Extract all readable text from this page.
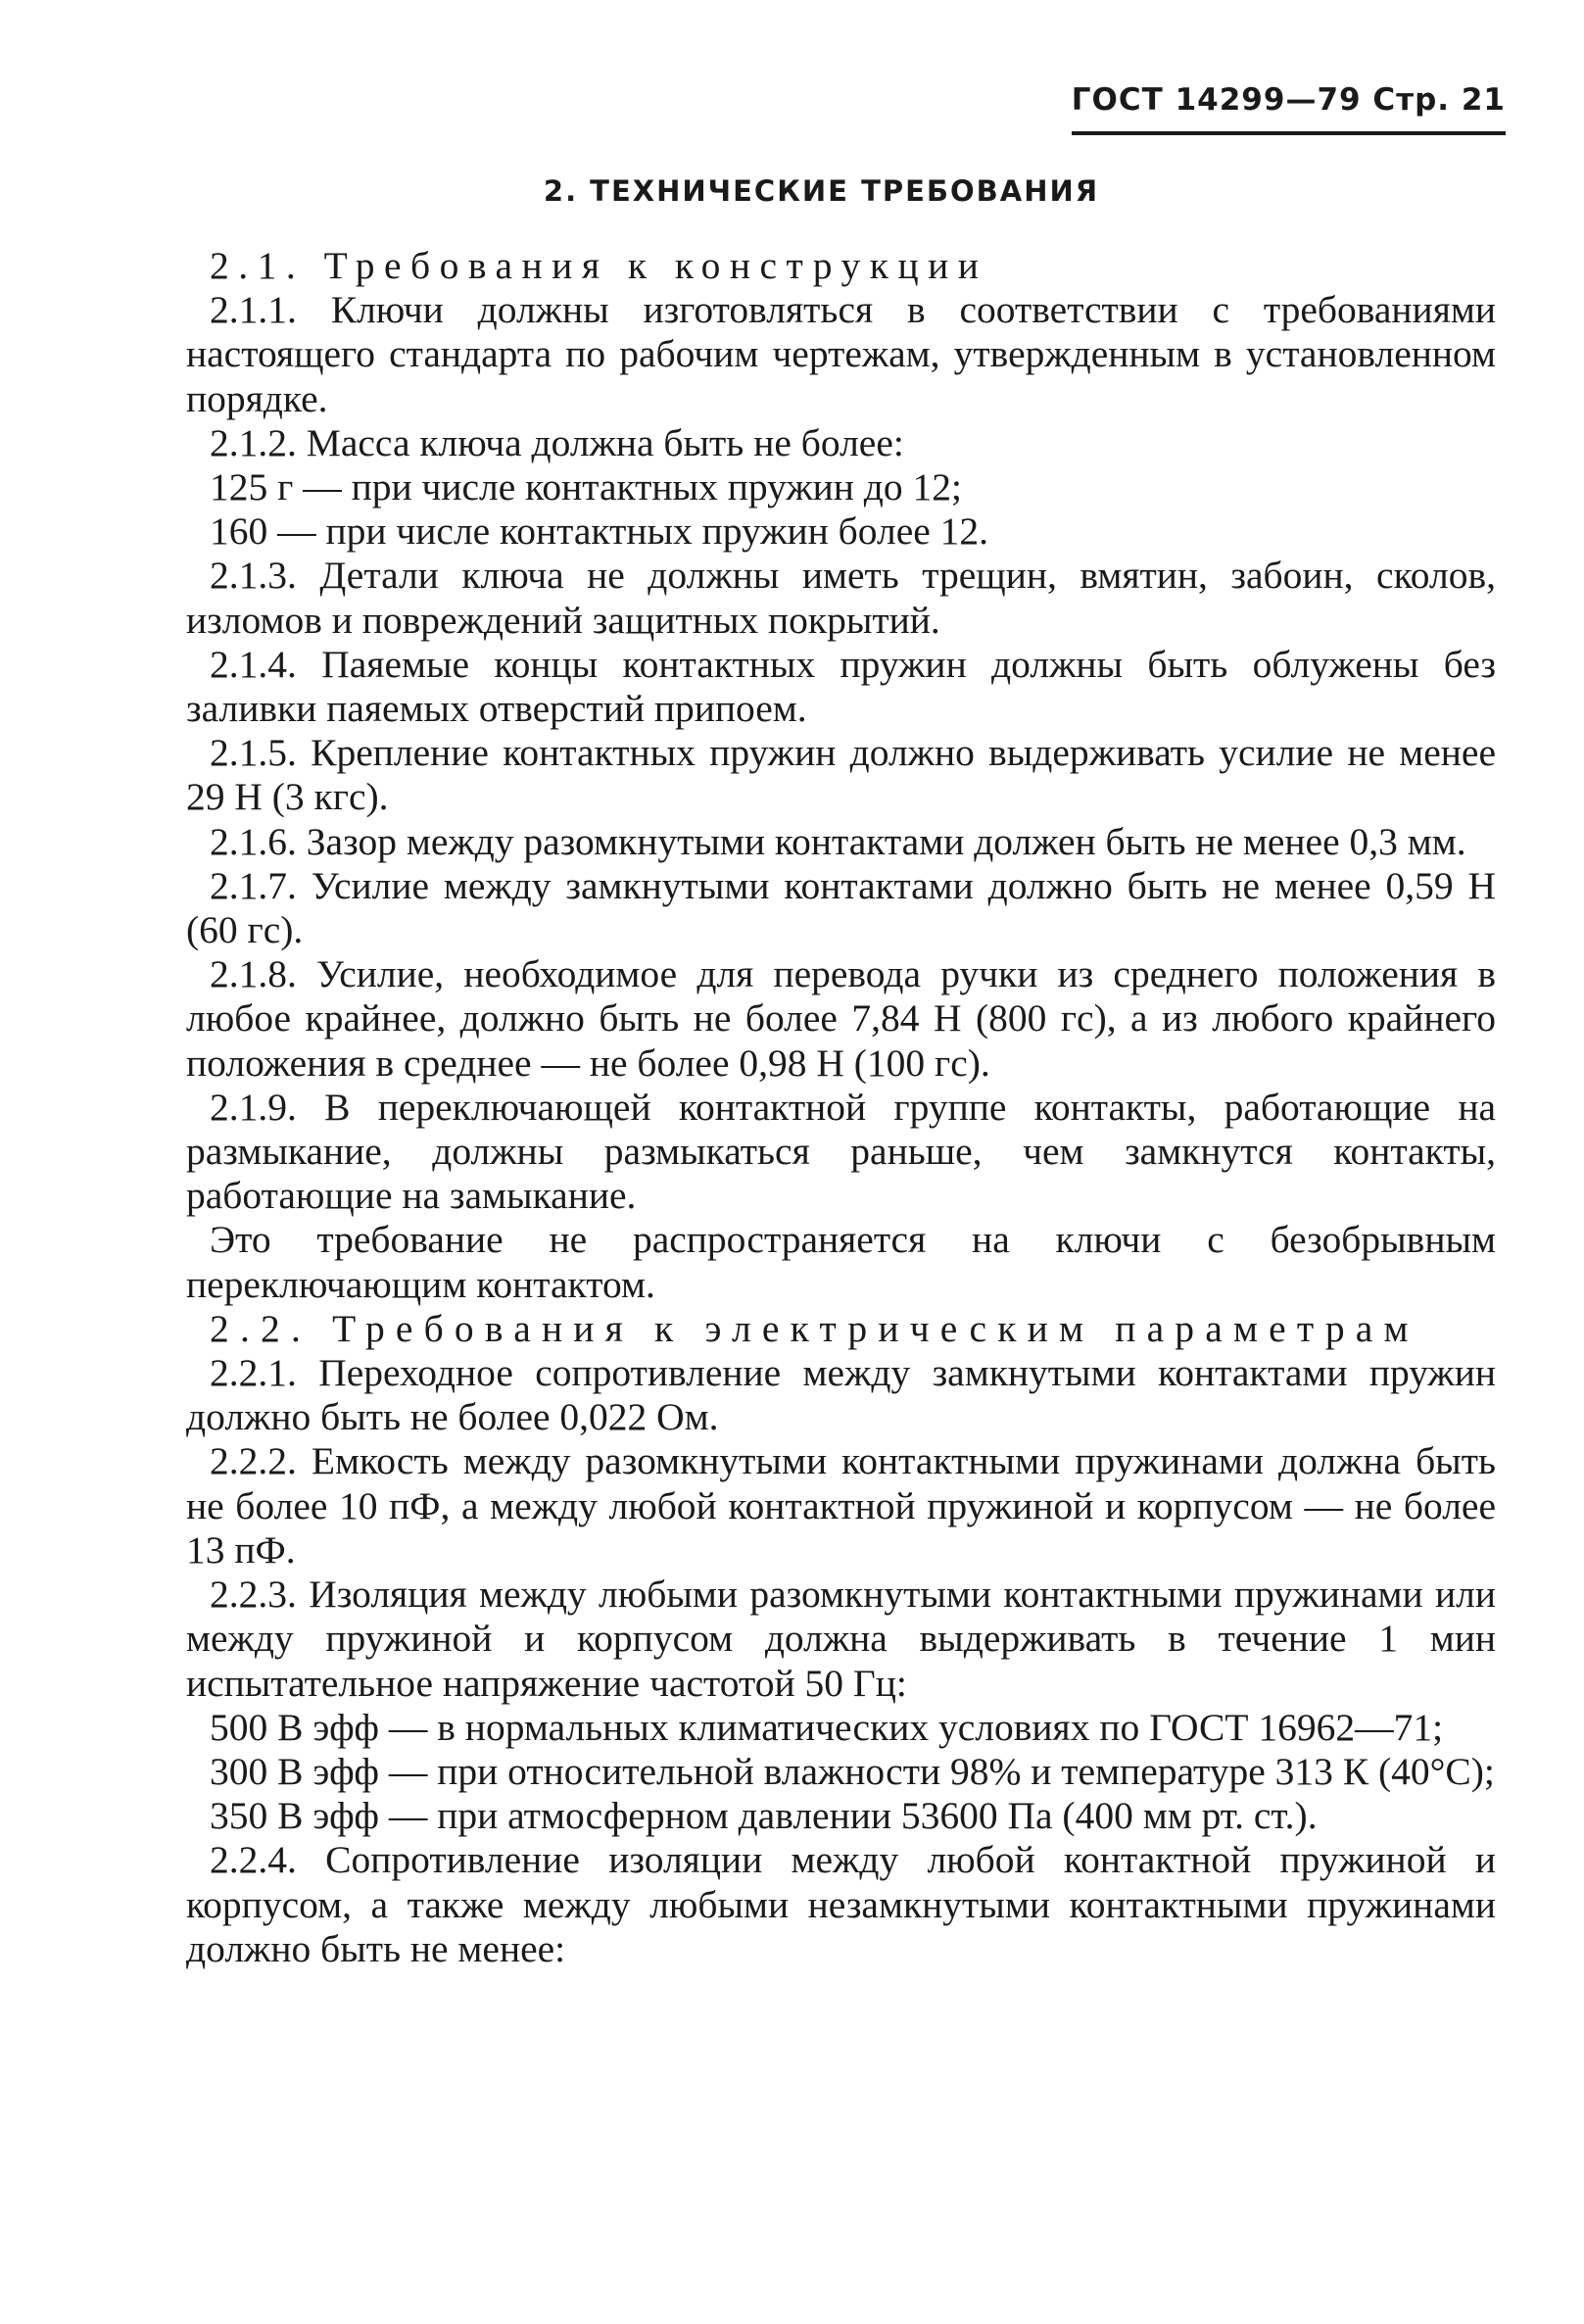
ГОСТ 14299—79 Стр. 21
2. ТЕХНИЧЕСКИЕ ТРЕБОВАНИЯ

2.1. Требования к конструкции

2.1.1. Ключи должны изготовляться в соответствии с требованиями настоящего стандарта по рабочим чертежам, утвержденным в установленном порядке.

2.1.2. Масса ключа должна быть не более:

125 г — при числе контактных пружин до 12;

160 — при числе контактных пружин более 12.

2.1.3. Детали ключа не должны иметь трещин, вмятин, забоин, сколов, изломов и повреждений защитных покрытий.

2.1.4. Паяемые концы контактных пружин должны быть облужены без заливки паяемых отверстий припоем.

2.1.5. Крепление контактных пружин должно выдерживать усилие не менее 29 Н (3 кгс).

2.1.6. Зазор между разомкнутыми контактами должен быть не менее 0,3 мм.

2.1.7. Усилие между замкнутыми контактами должно быть не менее 0,59 Н (60 гс).

2.1.8. Усилие, необходимое для перевода ручки из среднего положения в любое крайнее, должно быть не более 7,84 Н (800 гс), а из любого крайнего положения в среднее — не более 0,98 Н (100 гс).

2.1.9. В переключающей контактной группе контакты, работающие на размыкание, должны размыкаться раньше, чем замкнутся контакты, работающие на замыкание.

Это требование не распространяется на ключи с безобрывным переключающим контактом.

2.2. Требования к электрическим параметрам

2.2.1. Переходное сопротивление между замкнутыми контактами пружин должно быть не более 0,022 Ом.

2.2.2. Емкость между разомкнутыми контактными пружинами должна быть не более 10 пФ, а между любой контактной пружиной и корпусом — не более 13 пФ.

2.2.3. Изоляция между любыми разомкнутыми контактными пружинами или между пружиной и корпусом должна выдерживать в течение 1 мин испытательное напряжение частотой 50 Гц:

500 В эфф — в нормальных климатических условиях по ГОСТ 16962—71;

300 В эфф — при относительной влажности 98% и температуре 313 К (40°С);

350 В эфф — при атмосферном давлении 53600 Па (400 мм рт. ст.).

2.2.4. Сопротивление изоляции между любой контактной пружиной и корпусом, а также между любыми незамкнутыми контактными пружинами должно быть не менее:
